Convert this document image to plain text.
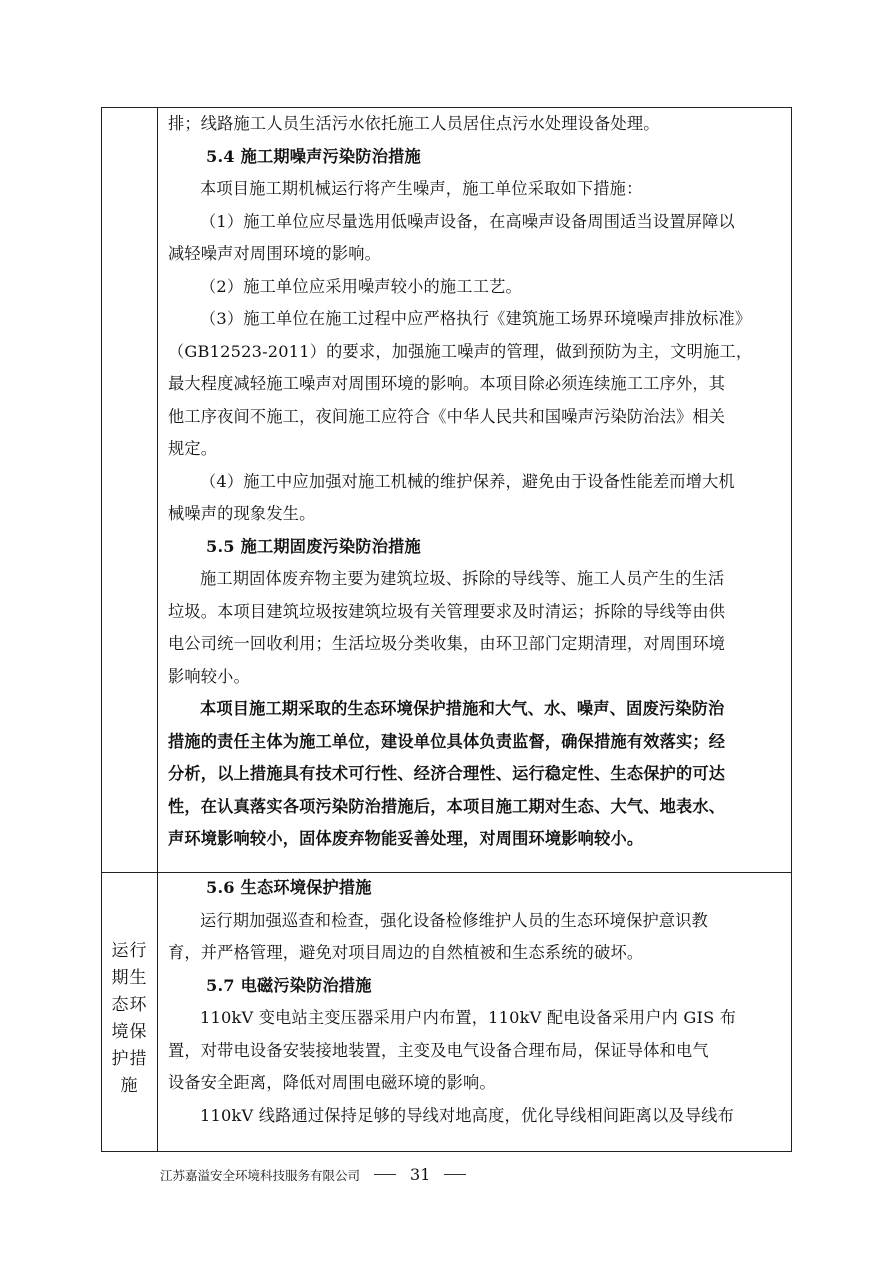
运行
期生
态环
境保
护措
施

排；线路施工人员生活污水依托施工人员居住点污水处理设备处理。

5.4 施工期噪声污染防治措施

本项目施工期机械运行将产生噪声，施工单位采取如下措施：

（1）施工单位应尽量选用低噪声设备，在高噪声设备周围适当设置屏障以

减轻噪声对周围环境的影响。

（2）施工单位应采用噪声较小的施工工艺。

（3）施工单位在施工过程中应严格执行《建筑施工场界环境噪声排放标准》

（GB12523-2011）的要求，加强施工噪声的管理，做到预防为主，文明施工，

最大程度减轻施工噪声对周围环境的影响。本项目除必须连续施工工序外，其

他工序夜间不施工，夜间施工应符合《中华人民共和国噪声污染防治法》相关

规定。

（4）施工中应加强对施工机械的维护保养，避免由于设备性能差而增大机

械噪声的现象发生。

5.5 施工期固废污染防治措施

施工期固体废弃物主要为建筑垃圾、拆除的导线等、施工人员产生的生活

垃圾。本项目建筑垃圾按建筑垃圾有关管理要求及时清运；拆除的导线等由供

电公司统一回收利用；生活垃圾分类收集，由环卫部门定期清理，对周围环境

影响较小。

本项目施工期采取的生态环境保护措施和大气、水、噪声、固废污染防治

措施的责任主体为施工单位，建设单位具体负责监督，确保措施有效落实；经

分析，以上措施具有技术可行性、经济合理性、运行稳定性、生态保护的可达

性，在认真落实各项污染防治措施后，本项目施工期对生态、大气、地表水、

声环境影响较小，固体废弃物能妥善处理，对周围环境影响较小。

5.6 生态环境保护措施

运行期加强巡查和检查，强化设备检修维护人员的生态环境保护意识教

育，并严格管理，避免对项目周边的自然植被和生态系统的破坏。

5.7 电磁污染防治措施

110kV 变电站主变压器采用户内布置，110kV 配电设备采用户内 GIS 布

置，对带电设备安装接地装置，主变及电气设备合理布局，保证导体和电气

设备安全距离，降低对周围电磁环境的影响。

110kV 线路通过保持足够的导线对地高度，优化导线相间距离以及导线布

江苏嘉溢安全环境科技服务有限公司	31
